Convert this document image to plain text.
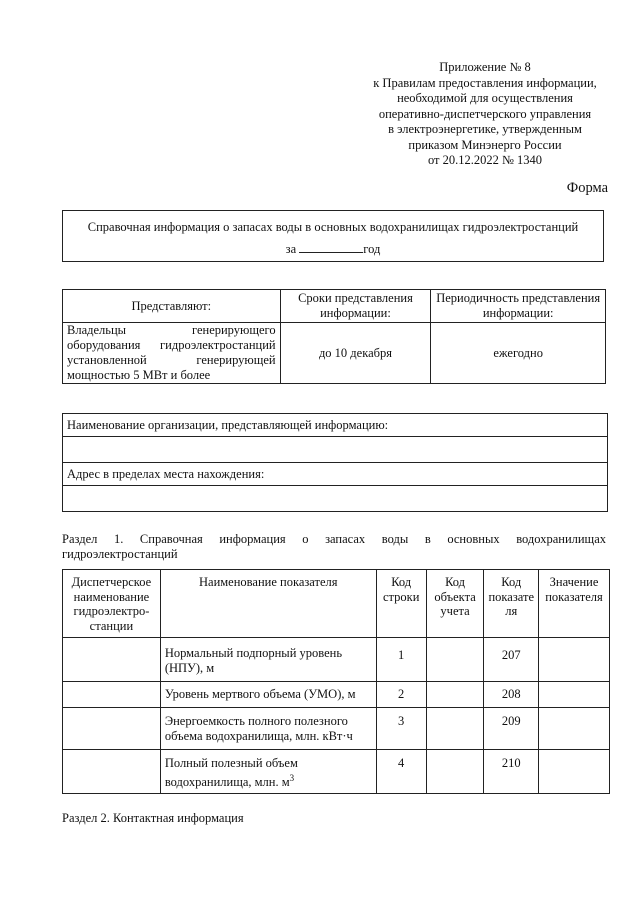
Приложение № 8
к Правилам предоставления информации,
необходимой для осуществления
оперативно-диспетчерского управления
в электроэнергетике, утвержденным
приказом Минэнерго России
от 20.12.2022 № 1340
Форма
Справочная информация о запасах воды в основных водохранилищах гидроэлектростанций
за	год
Представляют:	Сроки представления информации:	Периодичность представления информации:

Владельцы генерирующего
оборудования гидроэлектростанций
установленной генерирующей
мощностью 5 МВт и более	до 10 декабря	ежегодно
Наименование организации, представляющей информацию:

Адрес в пределах места нахождения:

Раздел 1. Справочная информация о запасах воды в основных водохранилищах
гидроэлектростанций
Диспетчерское наименование гидроэлектро- станции	Наименование показателя	Код строки	Код объекта учета	Код показате ля	Значение показателя
	Нормальный подпорный уровень (НПУ), м	1		207	
	Уровень мертвого объема (УМО), м	2		208	
	Энергоемкость полного полезного объема водохранилища, млн. кВт·ч	3		209	
	Полный полезный объем водохранилища, млн. $м^3$	4		210	
Раздел 2. Контактная информация
